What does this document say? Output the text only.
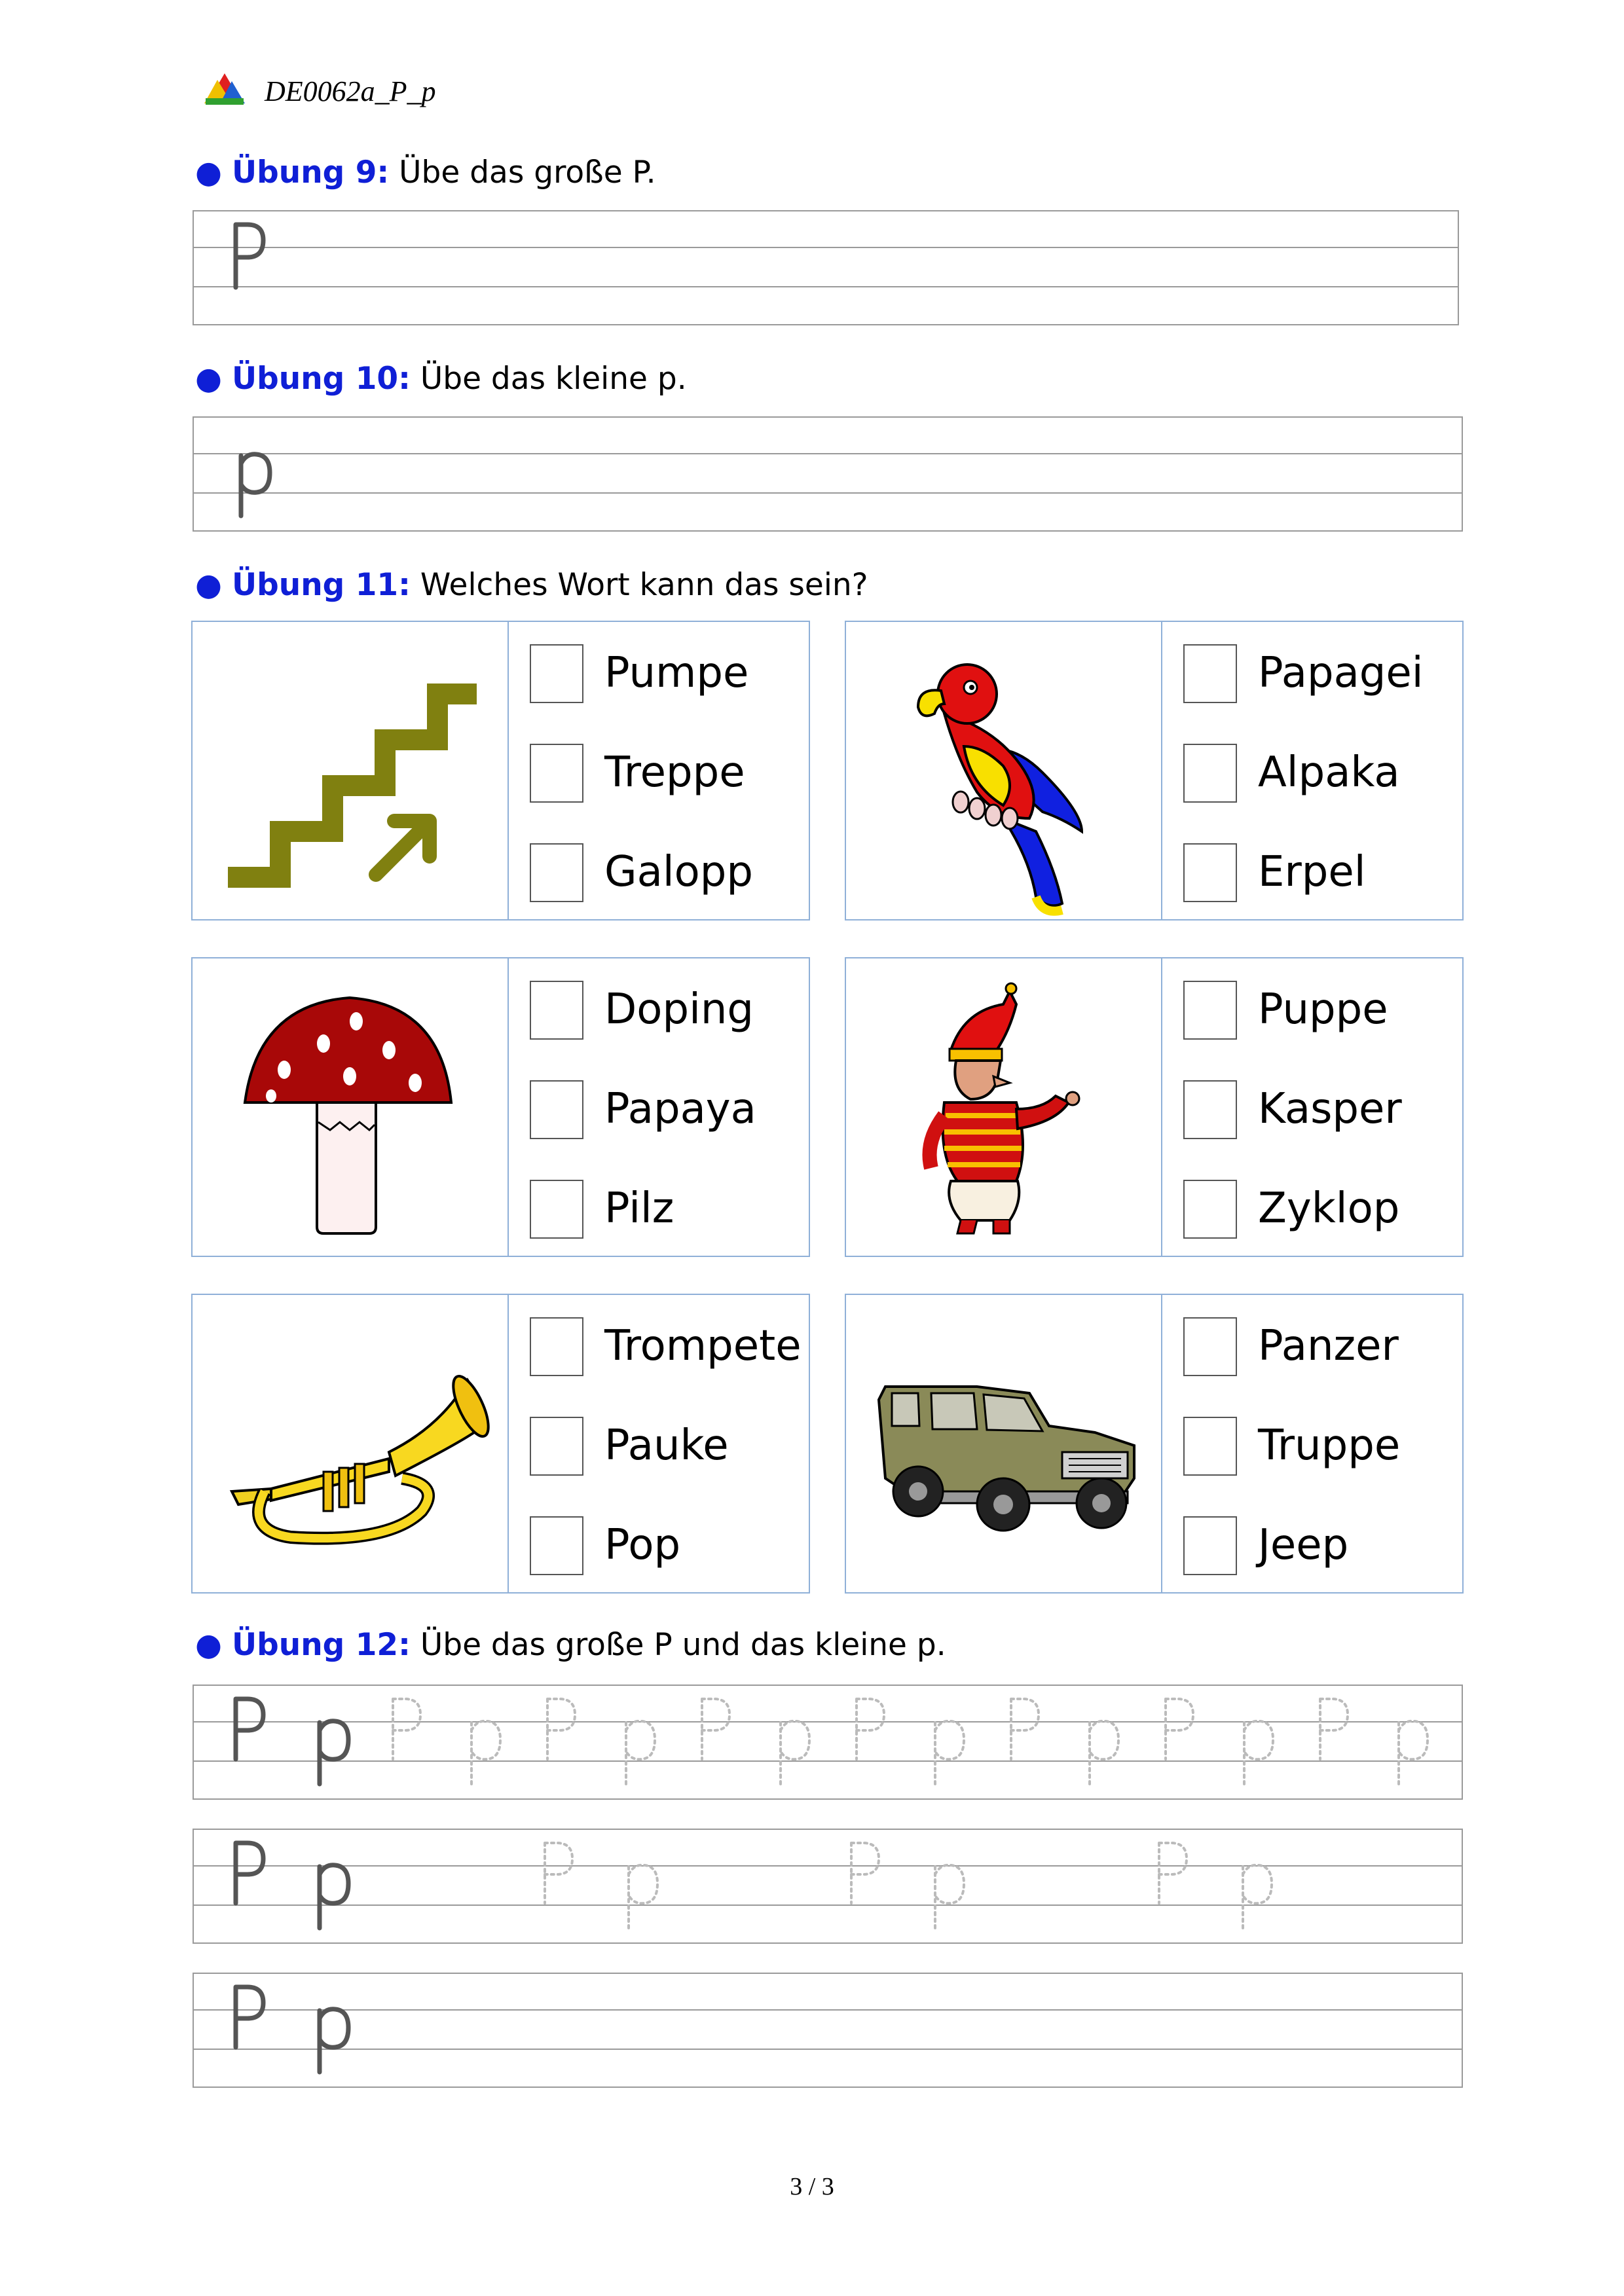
DE0062a_P_p
● Übung 9: Übe das große P.
● Übung 10: Übe das kleine p.
● Übung 11: Welches Wort kann das sein?
Pumpe
Treppe
Galopp
Papagei
Alpaka
Erpel
Doping
Papaya
Pilz
Puppe
Kasper
Zyklop
Trompete
Pauke
Pop
Panzer
Truppe
Jeep
● Übung 12: Übe das große P und das kleine p.
3 / 3
